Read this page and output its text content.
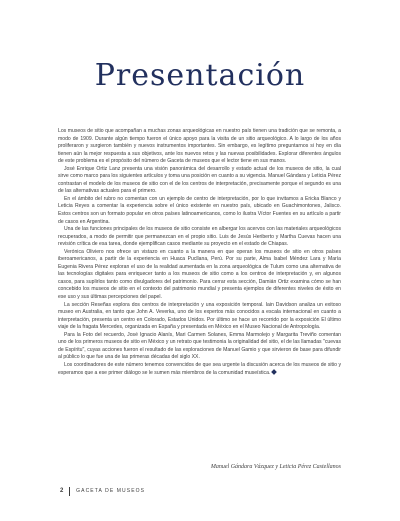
Presentación

Los museos de sitio que acompañan a muchas zonas arqueológicas en nuestro país tienen una tradición que se remonta, a modo de 1909. Durante algún tiempo fueron el único apoyo para la visita de un sitio arqueológico. A lo largo de los años proliferaron y surgieron también y nuevos instrumentos importantes. Sin embargo, es legítimo preguntarnos si hoy en día tienen aún la mejor respuesta a sus objetivos, ante los nuevos retos y las nuevas posibilidades. Explorar diferentes ángulos de este problema es el propósito del número de Gaceta de museos que el lector tiene en sus manos.

José Enrique Ortiz Lanz presenta una visión panorámica del desarrollo y estado actual de los museos de sitio, la cual sirve como marco para los siguientes artículos y toma una posición en cuanto a su vigencia. Manuel Gándara y Leticia Pérez contrastan el modelo de los museos de sitio con el de los centros de interpretación, precisamente porque el segundo es una de las alternativas actuales para el primero.

En el ámbito del rubro no comentan con un ejemplo de centro de interpretación, por lo que invitamos a Ericka Blanco y Leticia Reyes a comentar la experiencia sobre el único existente en nuestro país, ubicado en Guachimontones, Jalisco. Estos centros son un formato popular en otros países latinoamericanos, como lo ilustra Víctor Fuentes en su artículo a partir de casos en Argentina.

Una de las funciones principales de los museos de sitio consiste en albergar los acervos con las materiales arqueológicos recuperados, a modo de permitir que permanezcan en el propio sitio. Luis de Jesús Heriberto y Martha Cuevas hacen una revisión crítica de esa tarea, donde ejemplifican casos mediante su proyecto en el estado de Chiapas.

Verónica Oliviero nos ofrece un vistazo en cuanto a la manera en que operan los museos de sitio en otros países iberoamericanos, a partir de la experiencia en Huaca Pucllana, Perú. Por su parte, Alma Isabel Méndez Lara y María Eugenia Rivera Pérez exploran el uso de la realidad aumentada en la zona arqueológica de Tulum como una alternativa de las tecnologías digitales para enriquecer tanto a los museos de sitio como a los centros de interpretación y, en algunos casos, para suplirlos tanto como divulgadores del patrimonio. Para cerrar esta sección, Damián Ortiz examina cómo se han concebido los museos de sitio en el contexto del patrimonio mundial y presenta ejemplos de diferentes niveles de éxito en ese uso y sus últimas percepciones del papel.

La sección Reseñas explora dos centros de interpretación y una exposición temporal. Iain Davidson analiza un exitoso museo en Australia, en tanto que John A. Veverka, uno de los expertos más conocidos a escala internacional en cuanto a interpretación, presenta un centro en Colorado, Estados Unidos. Por último se hace un recorrido por la exposición El último viaje de la fragata Mercedes, organizada en España y presentada en México en el Museo Nacional de Antropología.

Para la Foto del recuerdo, José Ignacio Alanís, Mari Carmen Solanes, Emma Marmolejo y Margarita Treviño comentan uno de los primeros museos de sitio en México y un retrato que testimonia la originalidad del sitio, el de las llamadas "cuevas de Espíritu", cuyas acciones fueron el resultado de las exploraciones de Manuel Gamio y que sirvieron de base para difundir al público lo que fue una de las primeras décadas del siglo XX.

Los coordinadores de este número tenemos convencidos de que sea urgente la discusión acerca de los museos de sitio y esperamos que a ese primer diálogo se le sumen más miembros de la comunidad museística.

Manuel Gándara Vázquez y Leticia Pérez Castellanos
2	GACETA DE MUSEOS
